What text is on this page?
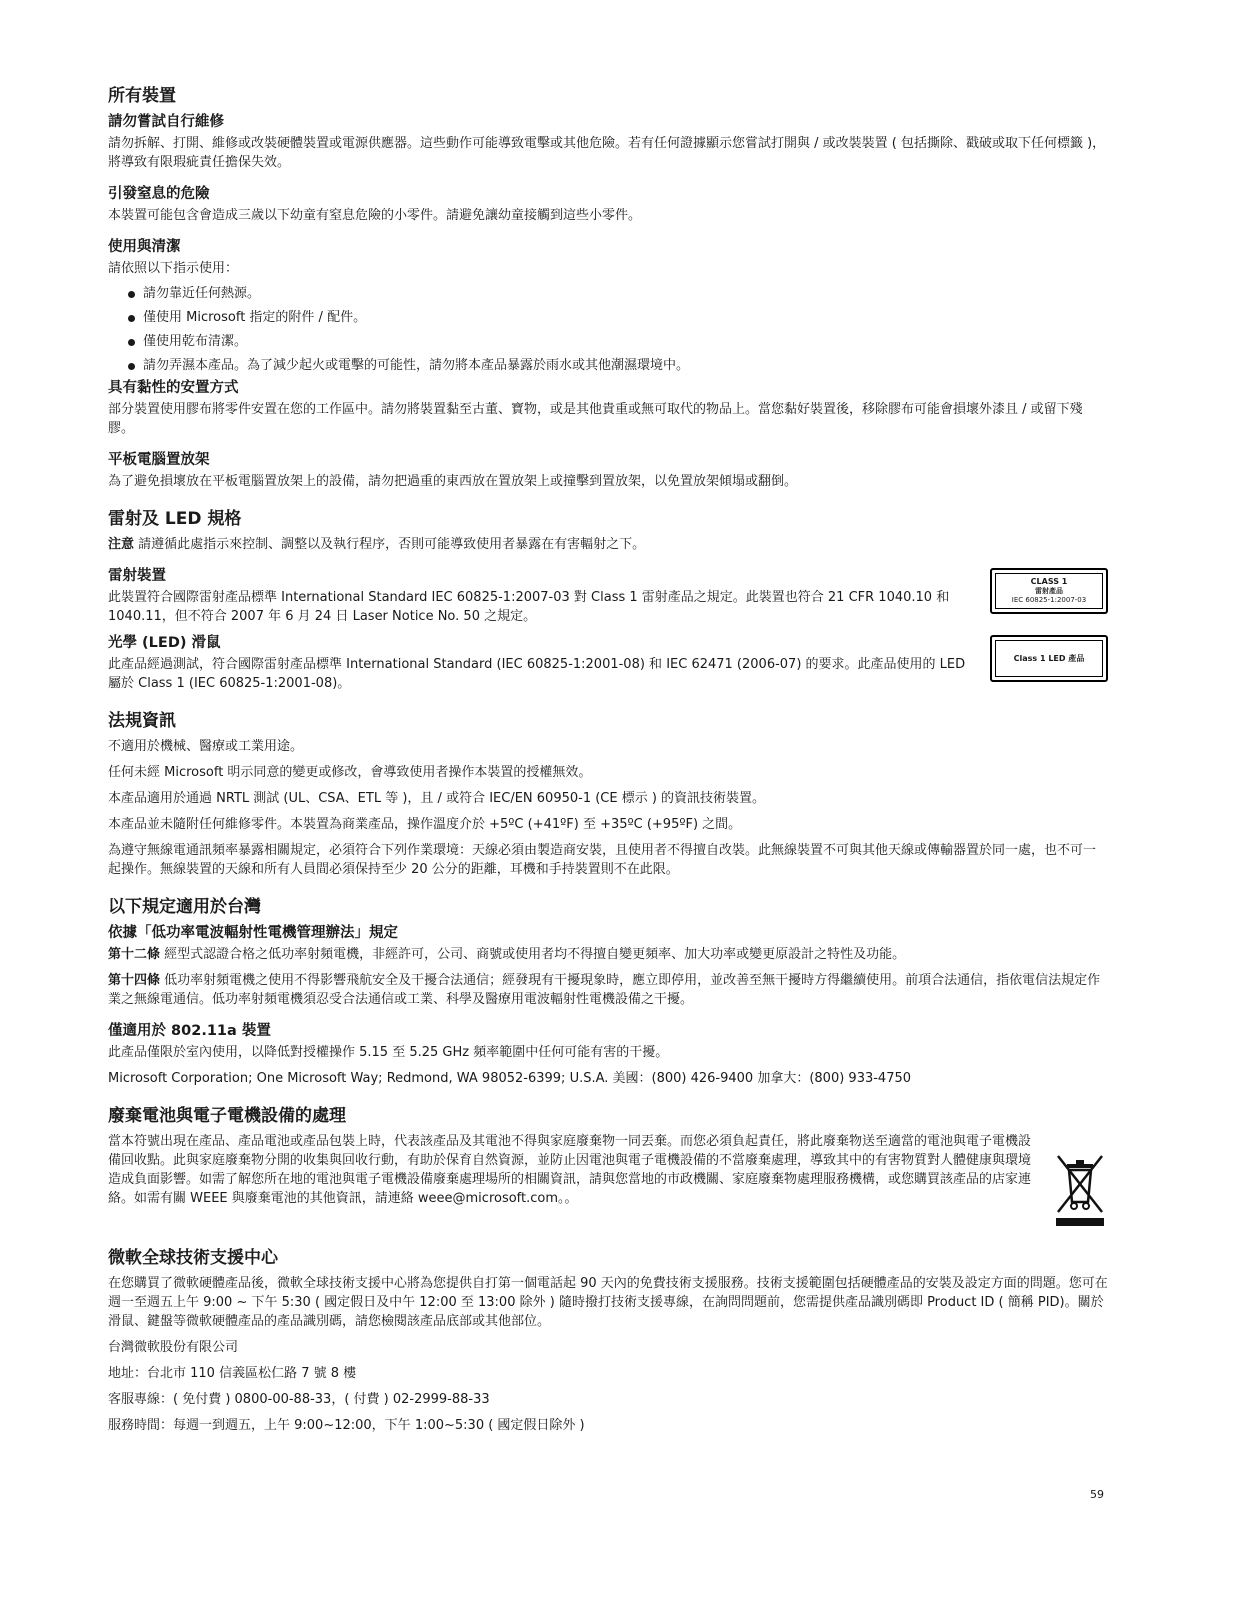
所有裝置
請勿嘗試自行維修

請勿拆解、打開、維修或改裝硬體裝置或電源供應器。這些動作可能導致電擊或其他危險。若有任何證據顯示您嘗試打開與 / 或改裝裝置 ( 包括撕除、戳破或取下任何標籤 )，將導致有限瑕疵責任擔保失效。

引發窒息的危險

本裝置可能包含會造成三歲以下幼童有窒息危險的小零件。請避免讓幼童接觸到這些小零件。

使用與清潔

請依照以下指示使用：

請勿靠近任何熱源。
僅使用 Microsoft 指定的附件 / 配件。
僅使用乾布清潔。
請勿弄濕本產品。為了減少起火或電擊的可能性，請勿將本產品暴露於雨水或其他潮濕環境中。
具有黏性的安置方式

部分裝置使用膠布將零件安置在您的工作區中。請勿將裝置黏至古董、寶物，或是其他貴重或無可取代的物品上。當您黏好裝置後，移除膠布可能會損壞外漆且 / 或留下殘膠。

平板電腦置放架

為了避免損壞放在平板電腦置放架上的設備，請勿把過重的東西放在置放架上或撞擊到置放架，以免置放架傾塌或翻倒。

雷射及 LED 規格

注意 請遵循此處指示來控制、調整以及執行程序，否則可能導致使用者暴露在有害輻射之下。

雷射裝置

此裝置符合國際雷射產品標準 International Standard IEC 60825-1:2007-03 對 Class 1 雷射產品之規定。此裝置也符合 21 CFR 1040.10 和 1040.11，但不符合 2007 年 6 月 24 日 Laser Notice No. 50 之規定。

CLASS 1
雷射產品
IEC 60825-1:2007-03
光學 (LED) 滑鼠

此產品經過測試，符合國際雷射產品標準 International Standard (IEC 60825-1:2001-08) 和 IEC 62471 (2006-07) 的要求。此產品使用的 LED 屬於 Class 1 (IEC 60825-1:2001-08)。

Class 1 LED 產品
法規資訊

不適用於機械、醫療或工業用途。

任何未經 Microsoft 明示同意的變更或修改，會導致使用者操作本裝置的授權無效。

本產品適用於通過 NRTL 測試 (UL、CSA、ETL 等 )，且 / 或符合 IEC/EN 60950-1 (CE 標示 ) 的資訊技術裝置。

本產品並未隨附任何維修零件。本裝置為商業產品，操作溫度介於 +5ºC (+41ºF) 至 +35ºC (+95ºF) 之間。

為遵守無線電通訊頻率暴露相關規定，必須符合下列作業環境：天線必須由製造商安裝，且使用者不得擅自改裝。此無線裝置不可與其他天線或傳輸器置於同一處，也不可一起操作。無線裝置的天線和所有人員間必須保持至少 20 公分的距離，耳機和手持裝置則不在此限。

以下規定適用於台灣
依據「低功率電波輻射性電機管理辦法」規定

第十二條 經型式認證合格之低功率射頻電機，非經許可，公司、商號或使用者均不得擅自變更頻率、加大功率或變更原設計之特性及功能。

第十四條 低功率射頻電機之使用不得影響飛航安全及干擾合法通信；經發現有干擾現象時，應立即停用，並改善至無干擾時方得繼續使用。前項合法通信，指依電信法規定作業之無線電通信。低功率射頻電機須忍受合法通信或工業、科學及醫療用電波輻射性電機設備之干擾。

僅適用於 802.11a 裝置

此產品僅限於室內使用，以降低對授權操作 5.15 至 5.25 GHz 頻率範圍中任何可能有害的干擾。

Microsoft Corporation; One Microsoft Way; Redmond, WA 98052-6399; U.S.A. 美國：(800) 426-9400 加拿大：(800) 933-4750

廢棄電池與電子電機設備的處理

當本符號出現在產品、產品電池或產品包裝上時，代表該產品及其電池不得與家庭廢棄物一同丟棄。而您必須負起責任，將此廢棄物送至適當的電池與電子電機設備回收點。此與家庭廢棄物分開的收集與回收行動，有助於保育自然資源，並防止因電池與電子電機設備的不當廢棄處理，導致其中的有害物質對人體健康與環境造成負面影響。如需了解您所在地的電池與電子電機設備廢棄處理場所的相關資訊，請與您當地的市政機關、家庭廢棄物處理服務機構，或您購買該產品的店家連絡。如需有關 WEEE 與廢棄電池的其他資訊，請連絡 weee@microsoft.com。。

微軟全球技術支援中心

在您購買了微軟硬體產品後，微軟全球技術支援中心將為您提供自打第一個電話起 90 天內的免費技術支援服務。技術支援範圍包括硬體產品的安裝及設定方面的問題。您可在週一至週五上午 9:00 ~ 下午 5:30 ( 國定假日及中午 12:00 至 13:00 除外 ) 隨時撥打技術支援專線，在詢問問題前，您需提供產品識別碼即 Product ID ( 簡稱 PID)。關於滑鼠、鍵盤等微軟硬體產品的產品識別碼，請您檢閱該產品底部或其他部位。

台灣微軟股份有限公司

地址：台北市 110 信義區松仁路 7 號 8 樓

客服專線：( 免付費 ) 0800-00-88-33，( 付費 ) 02-2999-88-33

服務時間：每週一到週五，上午 9:00~12:00，下午 1:00~5:30 ( 國定假日除外 )

59
